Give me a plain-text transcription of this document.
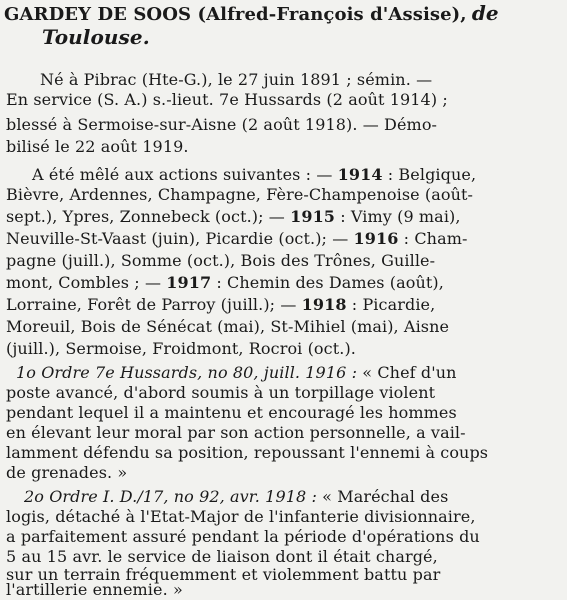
GARDEY DE SOOS (Alfred-François d'Assise), de
Toulouse.
Né à Pibrac (Hte-G.), le 27 juin 1891 ; sémin. —
En service (S. A.) s.-lieut. 7e Hussards (2 août 1914) ;
blessé à Sermoise-sur-Aisne (2 août 1918). — Démo-
bilisé le 22 août 1919.
A été mêlé aux actions suivantes : — 1914 : Belgique,
Bièvre, Ardennes, Champagne, Fère-Champenoise (août-
sept.), Ypres, Zonnebeck (oct.); — 1915 : Vimy (9 mai),
Neuville-St-Vaast (juin), Picardie (oct.); — 1916 : Cham-
pagne (juill.), Somme (oct.), Bois des Trônes, Guille-
mont, Combles ; — 1917 : Chemin des Dames (août),
Lorraine, Forêt de Parroy (juill.); — 1918 : Picardie,
Moreuil, Bois de Sénécat (mai), St-Mihiel (mai), Aisne
(juill.), Sermoise, Froidmont, Rocroi (oct.).
1o Ordre 7e Hussards, no 80, juill. 1916 : « Chef d'un
poste avancé, d'abord soumis à un torpillage violent
pendant lequel il a maintenu et encouragé les hommes
en élevant leur moral par son action personnelle, a vail-
lamment défendu sa position, repoussant l'ennemi à coups
de grenades. »
2o Ordre I. D./17, no 92, avr. 1918 : « Maréchal des
logis, détaché à l'Etat-Major de l'infanterie divisionnaire,
a parfaitement assuré pendant la période d'opérations du
5 au 15 avr. le service de liaison dont il était chargé,
sur un terrain fréquemment et violemment battu par
l'artillerie ennemie. »
